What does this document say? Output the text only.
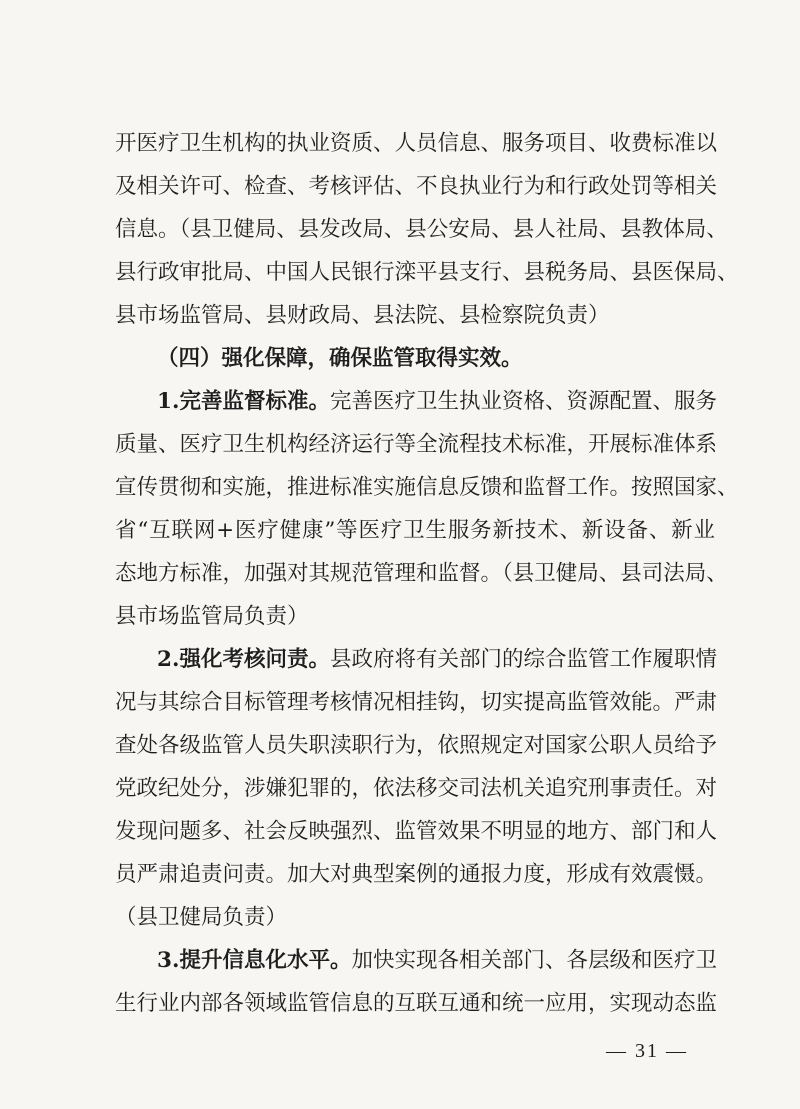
开医疗卫生机构的执业资质、人员信息、服务项目、收费标准以
及相关许可、检查、考核评估、不良执业行为和行政处罚等相关
信息。（县卫健局、县发改局、县公安局、县人社局、县教体局、
县行政审批局、中国人民银行滦平县支行、县税务局、县医保局、
县市场监管局、县财政局、县法院、县检察院负责）
（四）强化保障，确保监管取得实效。
1.完善监督标准。完善医疗卫生执业资格、资源配置、服务
质量、医疗卫生机构经济运行等全流程技术标准，开展标准体系
宣传贯彻和实施，推进标准实施信息反馈和监督工作。按照国家、
省“互联网+医疗健康”等医疗卫生服务新技术、新设备、新业
态地方标准，加强对其规范管理和监督。（县卫健局、县司法局、
县市场监管局负责）
2.强化考核问责。县政府将有关部门的综合监管工作履职情
况与其综合目标管理考核情况相挂钩，切实提高监管效能。严肃
查处各级监管人员失职渎职行为，依照规定对国家公职人员给予
党政纪处分，涉嫌犯罪的，依法移交司法机关追究刑事责任。对
发现问题多、社会反映强烈、监管效果不明显的地方、部门和人
员严肃追责问责。加大对典型案例的通报力度，形成有效震慑。
（县卫健局负责）
3.提升信息化水平。加快实现各相关部门、各层级和医疗卫
生行业内部各领域监管信息的互联互通和统一应用，实现动态监
— 31 —
